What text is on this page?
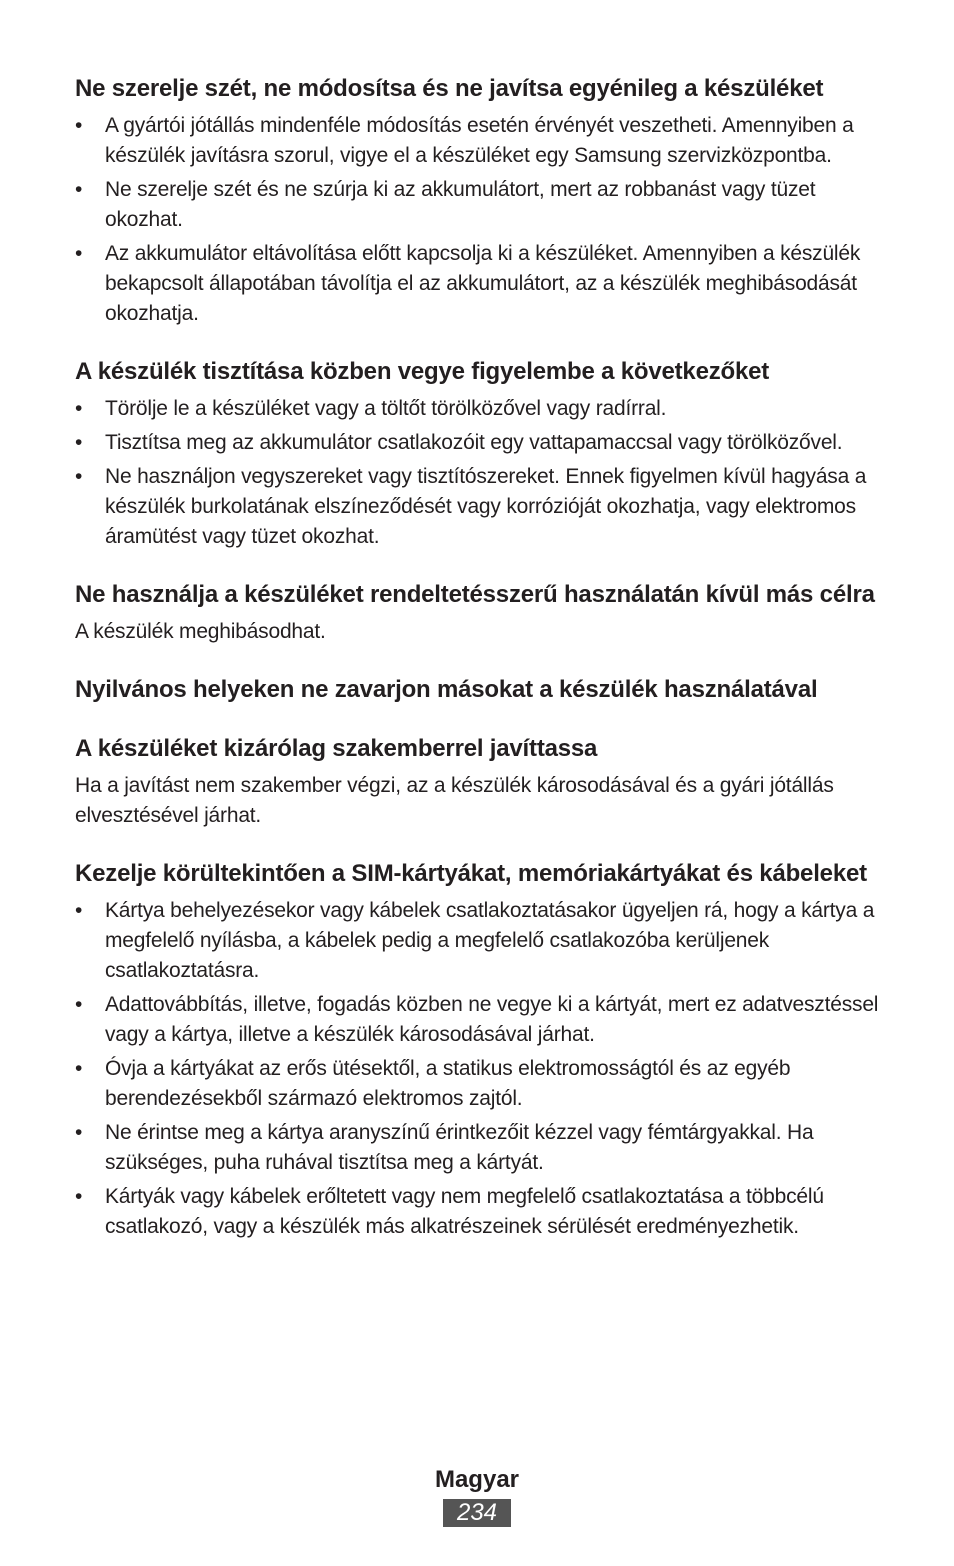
Ne szerelje szét, ne módosítsa és ne javítsa egyénileg a készüléket
• A gyártói jótállás mindenféle módosítás esetén érvényét veszetheti. Amennyiben a készülék javításra szorul, vigye el a készüléket egy Samsung szervizközpontba.
• Ne szerelje szét és ne szúrja ki az akkumulátort, mert az robbanást vagy tüzet okozhat.
• Az akkumulátor eltávolítása előtt kapcsolja ki a készüléket. Amennyiben a készülék bekapcsolt állapotában távolítja el az akkumulátort, az a készülék meghibásodását okozhatja.
A készülék tisztítása közben vegye figyelembe a következőket
• Törölje le a készüléket vagy a töltőt törölközővel vagy radírral.
• Tisztítsa meg az akkumulátor csatlakozóit egy vattapamaccsal vagy törölközővel.
• Ne használjon vegyszereket vagy tisztítószereket. Ennek figyelmen kívül hagyása a készülék burkolatának elszíneződését vagy korrózióját okozhatja, vagy elektromos áramütést vagy tüzet okozhat.
Ne használja a készüléket rendeltetésszerű használatán kívül más célra

A készülék meghibásodhat.

Nyilvános helyeken ne zavarjon másokat a készülék használatával
A készüléket kizárólag szakemberrel javíttassa

Ha a javítást nem szakember végzi, az a készülék károsodásával és a gyári jótállás elvesztésével járhat.

Kezelje körültekintően a SIM-kártyákat, memóriakártyákat és kábeleket
• Kártya behelyezésekor vagy kábelek csatlakoztatásakor ügyeljen rá, hogy a kártya a megfelelő nyílásba, a kábelek pedig a megfelelő csatlakozóba kerüljenek csatlakoztatásra.
• Adattovábbítás, illetve, fogadás közben ne vegye ki a kártyát, mert ez adatvesztéssel vagy a kártya, illetve a készülék károsodásával járhat.
• Óvja a kártyákat az erős ütésektől, a statikus elektromosságtól és az egyéb berendezésekből származó elektromos zajtól.
• Ne érintse meg a kártya aranyszínű érintkezőit kézzel vagy fémtárgyakkal. Ha szükséges, puha ruhával tisztítsa meg a kártyát.
• Kártyák vagy kábelek erőltetett vagy nem megfelelő csatlakoztatása a többcélú csatlakozó, vagy a készülék más alkatrészeinek sérülését eredményezhetik.
Magyar
234
